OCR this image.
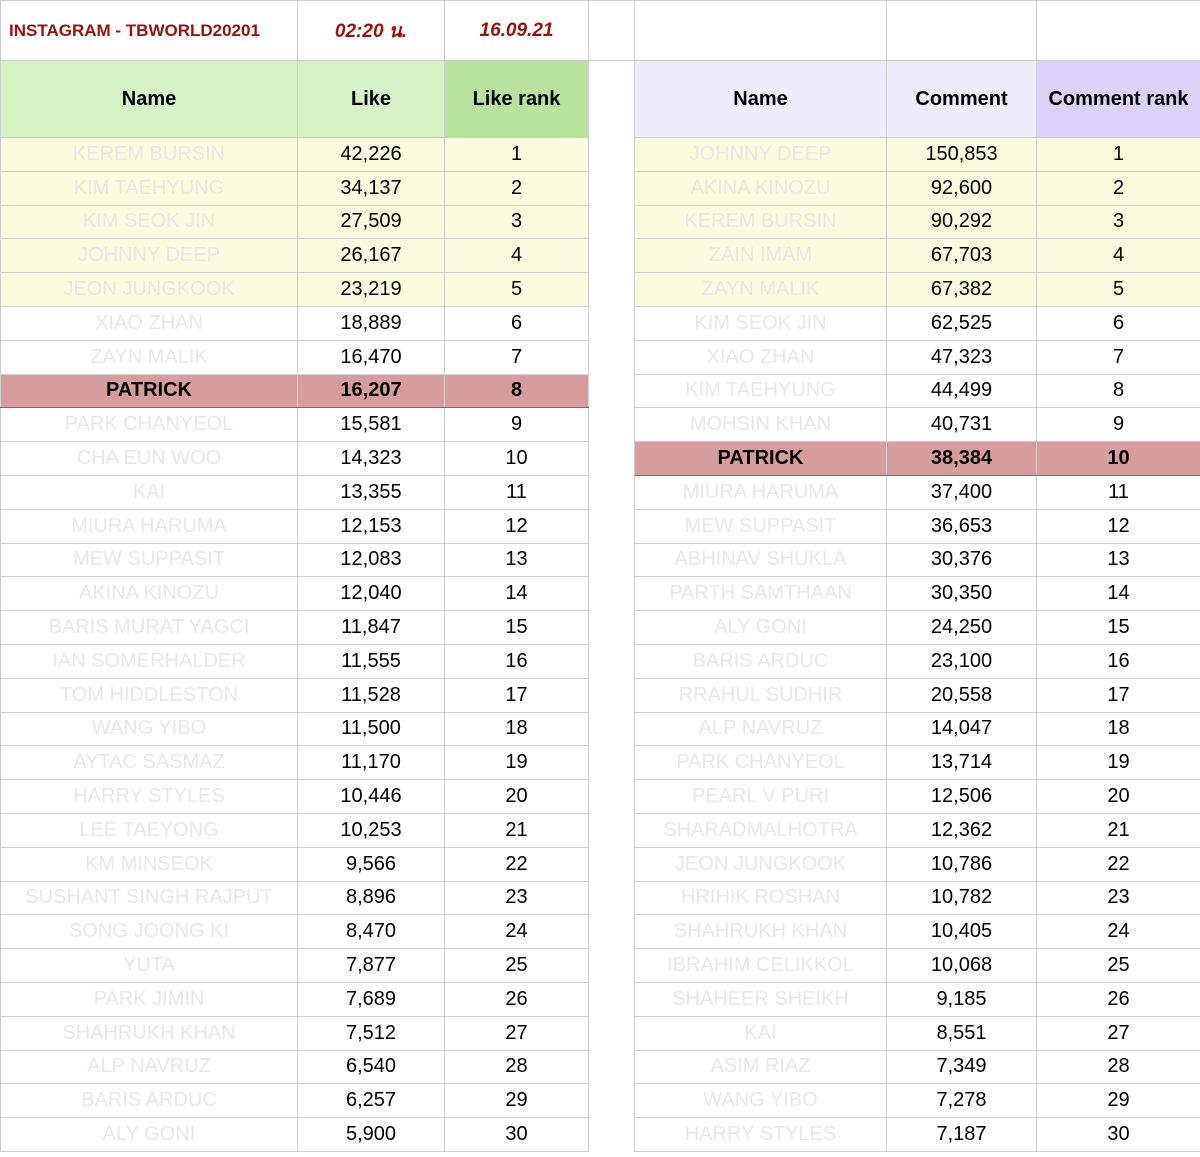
INSTAGRAM - TBWORLD20201	02:20 น.	16.09.21				
Name	Like	Like rank		Name	Comment	Comment rank
KEREM BURSIN	42,226	1		JOHNNY DEEP	150,853	1
KIM TAEHYUNG	34,137	2		AKINA KINOZU	92,600	2
KIM SEOK JIN	27,509	3		KEREM BURSIN	90,292	3
JOHNNY DEEP	26,167	4		ZAIN IMAM	67,703	4
JEON JUNGKOOK	23,219	5		ZAYN MALIK	67,382	5
XIAO ZHAN	18,889	6		KIM SEOK JIN	62,525	6
ZAYN MALIK	16,470	7		XIAO ZHAN	47,323	7
PATRICK	16,207	8		KIM TAEHYUNG	44,499	8
PARK CHANYEOL	15,581	9		MOHSIN KHAN	40,731	9
CHA EUN WOO	14,323	10		PATRICK	38,384	10
KAI	13,355	11		MIURA HARUMA	37,400	11
MIURA HARUMA	12,153	12		MEW SUPPASIT	36,653	12
MEW SUPPASIT	12,083	13		ABHINAV SHUKLA	30,376	13
AKINA KINOZU	12,040	14		PARTH SAMTHAAN	30,350	14
BARIS MURAT YAGCI	11,847	15		ALY GONI	24,250	15
IAN SOMERHALDER	11,555	16		BARIS ARDUC	23,100	16
TOM HIDDLESTON	11,528	17		RRAHUL SUDHIR	20,558	17
WANG YIBO	11,500	18		ALP NAVRUZ	14,047	18
AYTAC SASMAZ	11,170	19		PARK CHANYEOL	13,714	19
HARRY STYLES	10,446	20		PEARL V PURI	12,506	20
LEE TAEYONG	10,253	21		SHARADMALHOTRA	12,362	21
KM MINSEOK	9,566	22		JEON JUNGKOOK	10,786	22
SUSHANT SINGH RAJPUT	8,896	23		HRIHIK ROSHAN	10,782	23
SONG JOONG KI	8,470	24		SHAHRUKH KHAN	10,405	24
YUTA	7,877	25		IBRAHIM CELIKKOL	10,068	25
PARK JIMIN	7,689	26		SHAHEER SHEIKH	9,185	26
SHAHRUKH KHAN	7,512	27		KAI	8,551	27
ALP NAVRUZ	6,540	28		ASIM RIAZ	7,349	28
BARIS ARDUC	6,257	29		WANG YIBO	7,278	29
ALY GONI	5,900	30		HARRY STYLES	7,187	30
